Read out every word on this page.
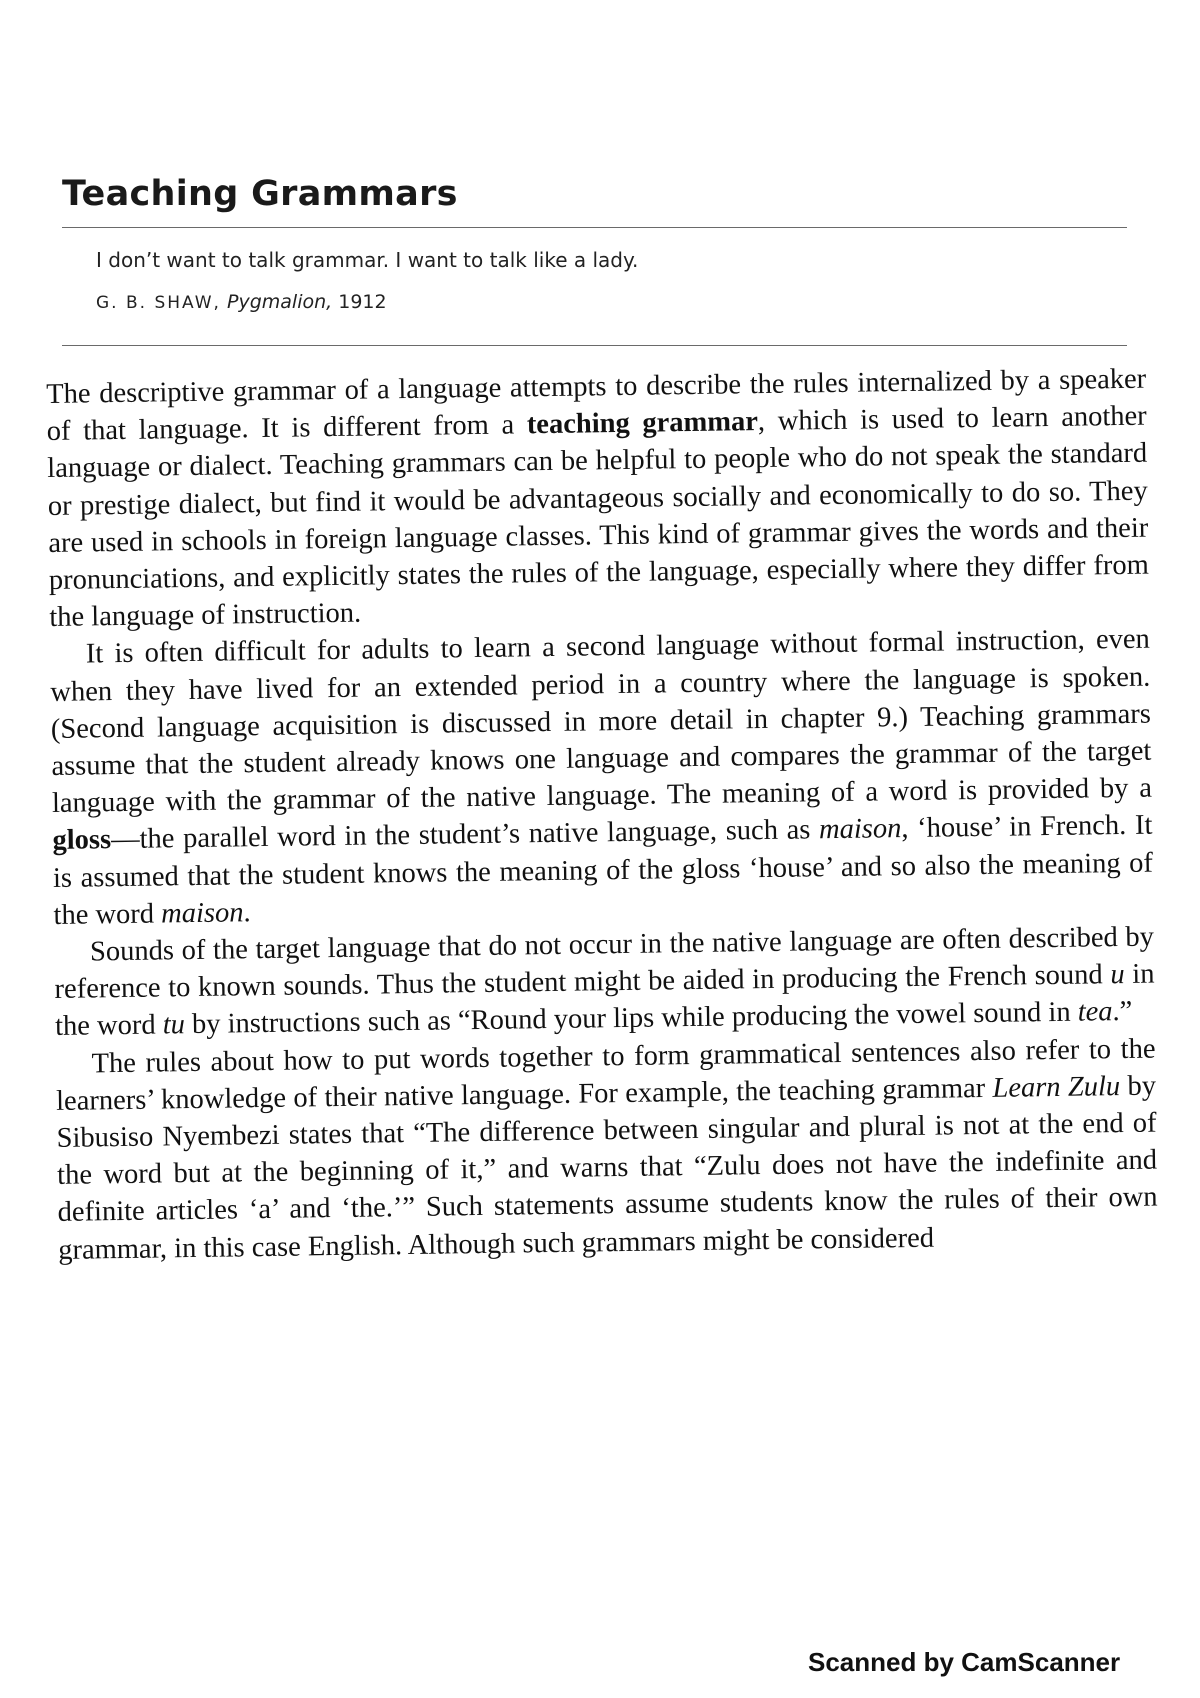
Teaching Grammars
I don’t want to talk grammar. I want to talk like a lady.
G. B. SHAW, Pygmalion, 1912

The descriptive grammar of a language attempts to describe the rules internalized by a speaker of that language. It is different from a teaching grammar, which is used to learn another language or dialect. Teaching grammars can be helpful to people who do not speak the standard or prestige dialect, but find it would be advantageous socially and economically to do so. They are used in schools in foreign language classes. This kind of grammar gives the words and their pronunciations, and explicitly states the rules of the language, especially where they differ from the language of instruction.

It is often difficult for adults to learn a second language without formal instruction, even when they have lived for an extended period in a country where the language is spoken. (Second language acquisition is discussed in more detail in chapter 9.) Teaching grammars assume that the student already knows one language and compares the grammar of the target language with the grammar of the native language. The meaning of a word is provided by a gloss—the parallel word in the student’s native language, such as maison, ‘house’ in French. It is assumed that the student knows the meaning of the gloss ‘house’ and so also the meaning of the word maison.

Sounds of the target language that do not occur in the native language are often described by reference to known sounds. Thus the student might be aided in producing the French sound u in the word tu by instructions such as “Round your lips while producing the vowel sound in tea.”

The rules about how to put words together to form grammatical sentences also refer to the learners’ knowledge of their native language. For example, the teaching grammar Learn Zulu by Sibusiso Nyembezi states that “The difference between singular and plural is not at the end of the word but at the beginning of it,” and warns that “Zulu does not have the indefinite and definite articles ‘a’ and ‘the.’” Such statements assume students know the rules of their own grammar, in this case English. Although such grammars might be considered

Scanned by CamScanner
